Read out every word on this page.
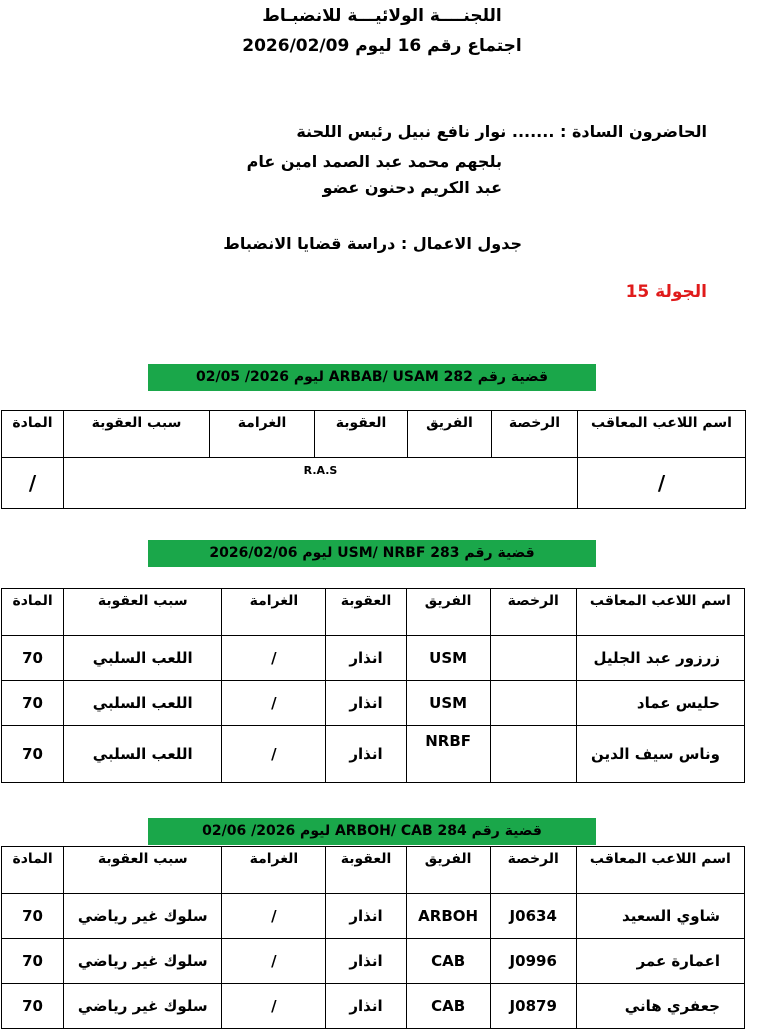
اللجنــــة الولائيـــة للانضبـاط
اجتماع رقم 16 ليوم 2026/02/09
الحاضرون السادة : ....... نوار نافع نبيل رئيس اللحنة
بلجهم محمد عبد الصمد امين عام
عبد الكريم دحنون عضو
جدول الاعمال : دراسة قضايا الانضباط
الجولة 15
قضية رقم 282 ARBAB/ USAM ليوم 2026/ 02/05
اسم اللاعب المعاقب	الرخصة	الفريق	العقوبة	الغرامة	سبب العقوبة	المادة
/	R.A.S					/
قضية رقم 283 USM/ NRBF ليوم 2026/02/06
اسم اللاعب المعاقب	الرخصة	الفريق	العقوبة	الغرامة	سبب العقوبة	المادة
زرزور عبد الجليل		USM	انذار	/	اللعب السلبي	70
حليس عماد		USM	انذار	/	اللعب السلبي	70
وناس سيف الدين		NRBF	انذار	/	اللعب السلبي	70
قضية رقم 284 ARBOH/ CAB ليوم 2026/ 02/06
اسم اللاعب المعاقب	الرخصة	الفريق	العقوبة	الغرامة	سبب العقوبة	المادة
شاوي السعيد	J0634	ARBOH	انذار	/	سلوك غير رياضي	70
اعمارة عمر	J0996	CAB	انذار	/	سلوك غير رياضي	70
جعفري هاني	J0879	CAB	انذار	/	سلوك غير رياضي	70
